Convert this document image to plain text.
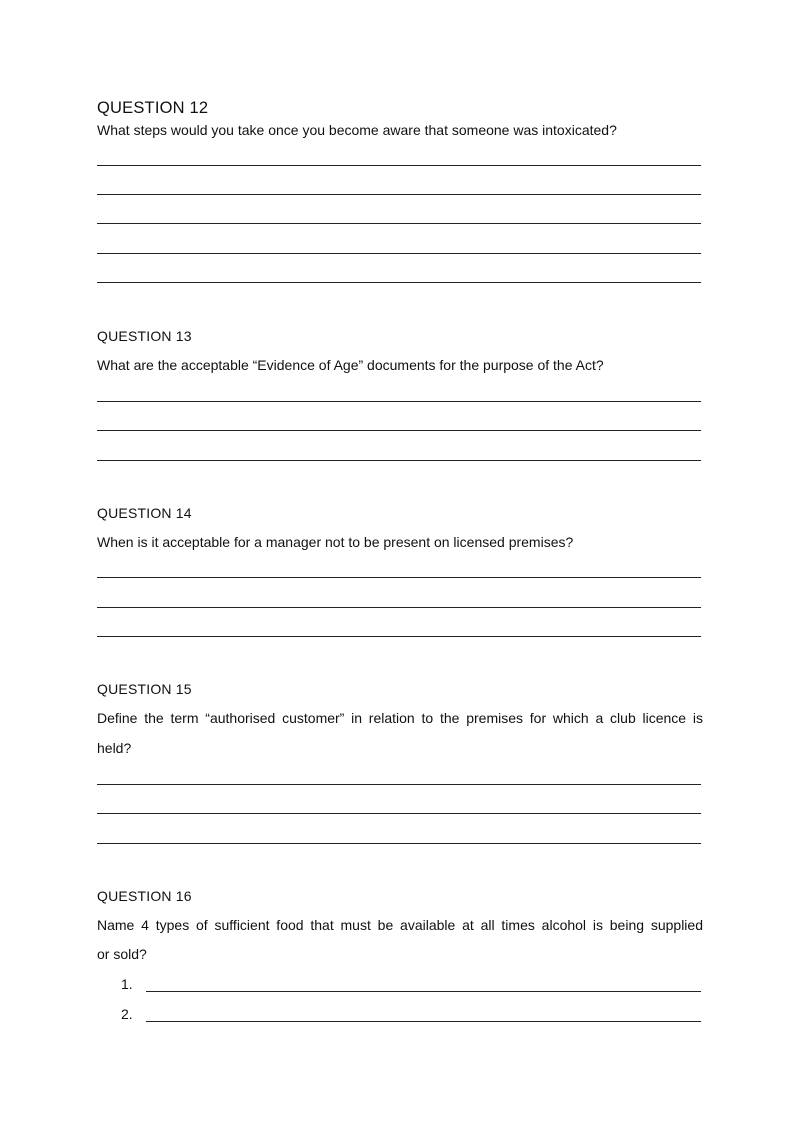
QUESTION 12
What steps would you take once you become aware that someone was intoxicated?
QUESTION 13
What are the acceptable “Evidence of Age” documents for the purpose of the Act?
QUESTION 14
When is it acceptable for a manager not to be present on licensed premises?
QUESTION 15
Define the term “authorised customer” in relation to the premises for which a club licence is
held?
QUESTION 16
Name 4 types of sufficient food that must be available at all times alcohol is being supplied
or sold?
1.
2.
